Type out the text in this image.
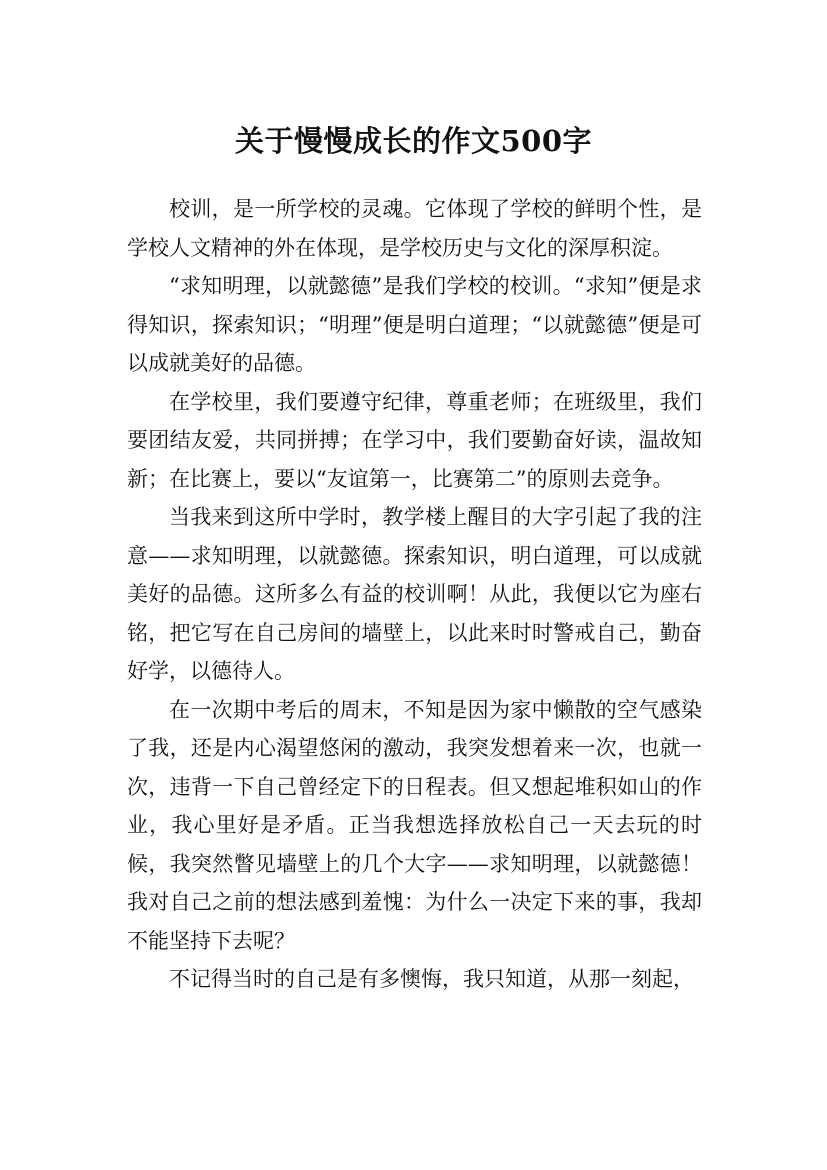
关于慢慢成长的作文500字

校训，是一所学校的灵魂。它体现了学校的鲜明个性，是学校人文精神的外在体现，是学校历史与文化的深厚积淀。

“求知明理，以就懿德”是我们学校的校训。“求知”便是求得知识，探索知识；“明理”便是明白道理；“以就懿德”便是可以成就美好的品德。

在学校里，我们要遵守纪律，尊重老师；在班级里，我们要团结友爱，共同拼搏；在学习中，我们要勤奋好读，温故知新；在比赛上，要以“友谊第一，比赛第二”的原则去竞争。

当我来到这所中学时，教学楼上醒目的大字引起了我的注意——求知明理，以就懿德。探索知识，明白道理，可以成就美好的品德。这所多么有益的校训啊！从此，我便以它为座右铭，把它写在自己房间的墙壁上，以此来时时警戒自己，勤奋好学，以德待人。

在一次期中考后的周末，不知是因为家中懒散的空气感染了我，还是内心渴望悠闲的激动，我突发想着来一次，也就一次，违背一下自己曾经定下的日程表。但又想起堆积如山的作业，我心里好是矛盾。正当我想选择放松自己一天去玩的时候，我突然瞥见墙壁上的几个大字——求知明理，以就懿德！我对自己之前的想法感到羞愧：为什么一决定下来的事，我却不能坚持下去呢？

不记得当时的自己是有多懊悔，我只知道，从那一刻起，
